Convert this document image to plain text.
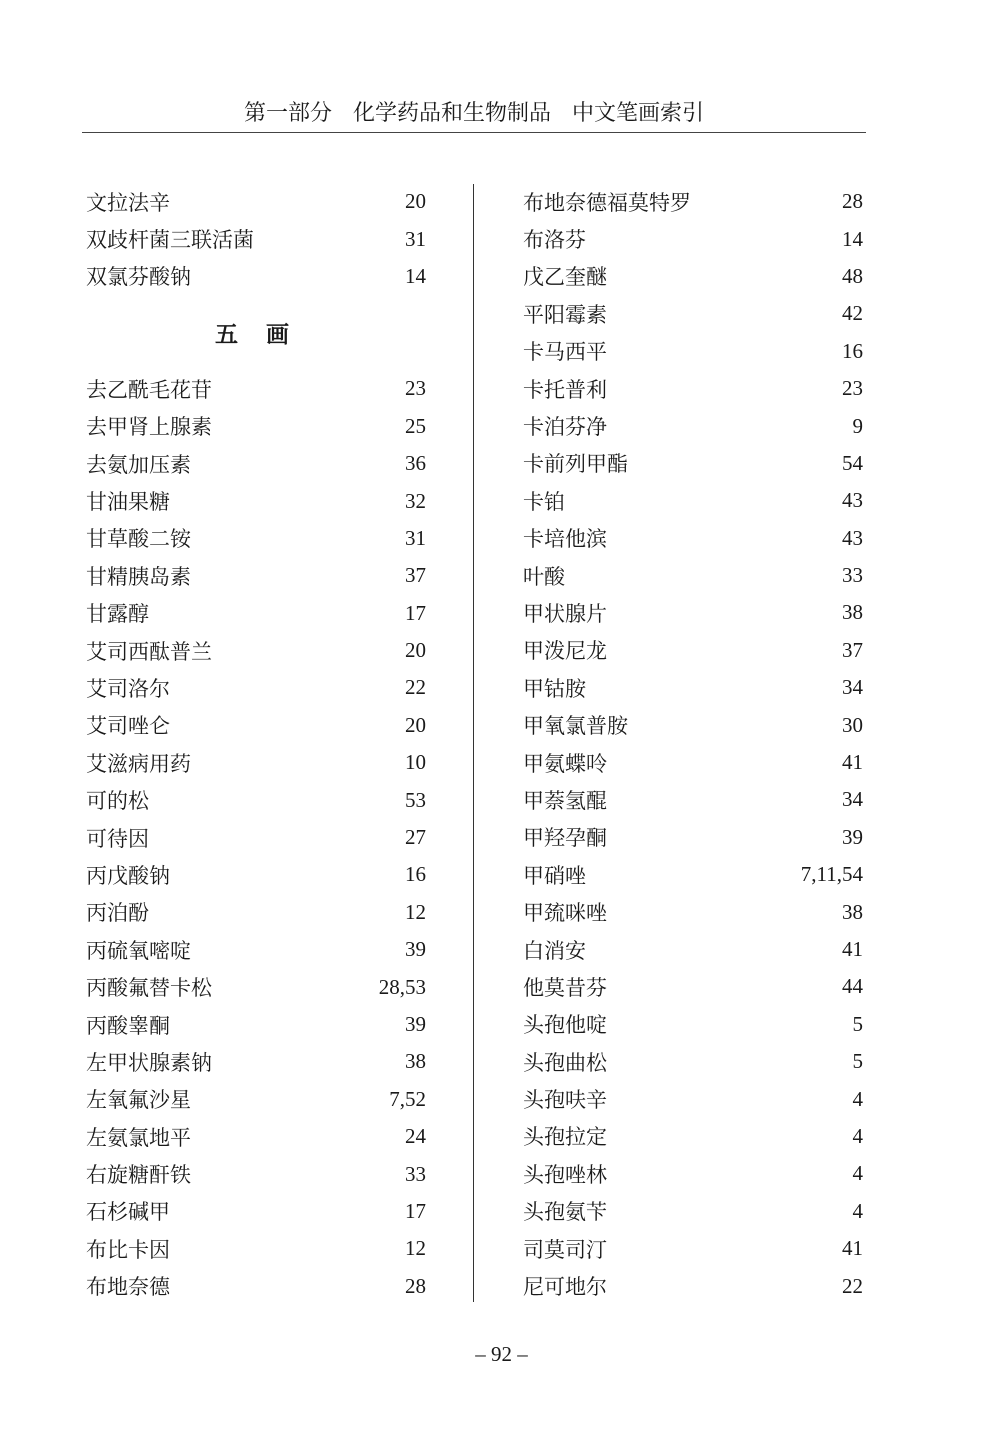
第一部分   化学药品和生物制品   中文笔画索引
文拉法辛	20
双歧杆菌三联活菌	31
双氯芬酸钠	14
五画
去乙酰毛花苷	23
去甲肾上腺素	25
去氨加压素	36
甘油果糖	32
甘草酸二铵	31
甘精胰岛素	37
甘露醇	17
艾司西酞普兰	20
艾司洛尔	22
艾司唑仑	20
艾滋病用药	10
可的松	53
可待因	27
丙戊酸钠	16
丙泊酚	12
丙硫氧嘧啶	39
丙酸氟替卡松	28,53
丙酸睾酮	39
左甲状腺素钠	38
左氧氟沙星	7,52
左氨氯地平	24
右旋糖酐铁	33
石杉碱甲	17
布比卡因	12
布地奈德	28
布地奈德福莫特罗	28
布洛芬	14
戊乙奎醚	48
平阳霉素	42
卡马西平	16
卡托普利	23
卡泊芬净	9
卡前列甲酯	54
卡铂	43
卡培他滨	43
叶酸	33
甲状腺片	38
甲泼尼龙	37
甲钴胺	34
甲氧氯普胺	30
甲氨蝶呤	41
甲萘氢醌	34
甲羟孕酮	39
甲硝唑	7,11,54
甲巯咪唑	38
白消安	41
他莫昔芬	44
头孢他啶	5
头孢曲松	5
头孢呋辛	4
头孢拉定	4
头孢唑林	4
头孢氨苄	4
司莫司汀	41
尼可地尔	22
– 92 –
